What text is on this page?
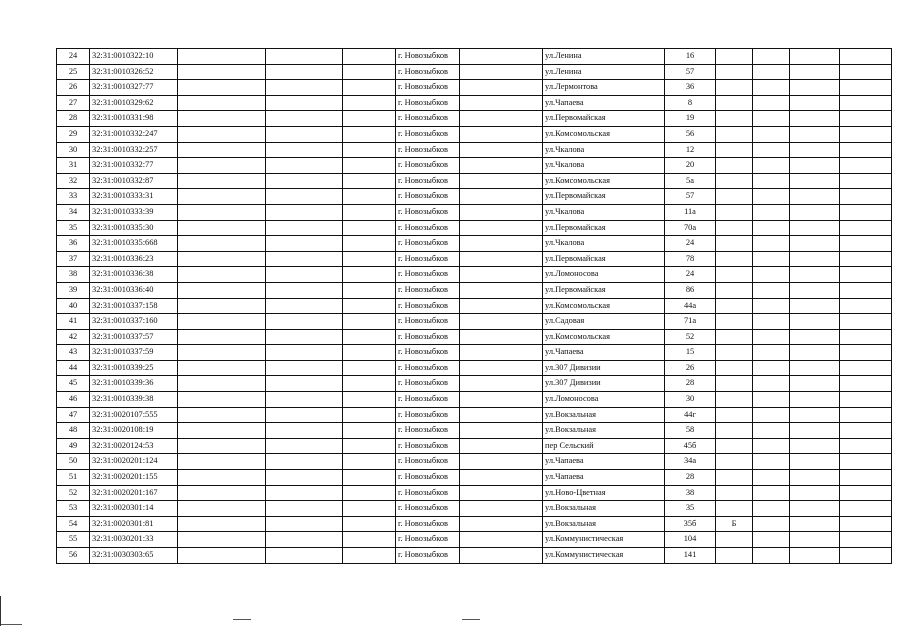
24	32:31:0010322:10				г. Новозыбков		ул.Ленина	16				
25	32:31:0010326:52				г. Новозыбков		ул.Ленина	57				
26	32:31:0010327:77				г. Новозыбков		ул.Лермонтова	36				
27	32:31:0010329:62				г. Новозыбков		ул.Чапаева	8				
28	32:31:0010331:98				г. Новозыбков		ул.Первомайская	19				
29	32:31:0010332:247				г. Новозыбков		ул.Комсомольская	56				
30	32:31:0010332:257				г. Новозыбков		ул.Чкалова	12				
31	32:31:0010332:77				г. Новозыбков		ул.Чкалова	20				
32	32:31:0010332:87				г. Новозыбков		ул.Комсомольская	5а				
33	32:31:0010333:31				г. Новозыбков		ул.Первомайская	57				
34	32:31:0010333:39				г. Новозыбков		ул.Чкалова	11а				
35	32:31:0010335:30				г. Новозыбков		ул.Первомайская	70а				
36	32:31:0010335:668				г. Новозыбков		ул.Чкалова	24				
37	32:31:0010336:23				г. Новозыбков		ул.Первомайская	78				
38	32:31:0010336:38				г. Новозыбков		ул.Ломоносова	24				
39	32:31:0010336:40				г. Новозыбков		ул.Первомайская	86				
40	32:31:0010337:158				г. Новозыбков		ул.Комсомольская	44а				
41	32:31:0010337:160				г. Новозыбков		ул.Садовая	71а				
42	32:31:0010337:57				г. Новозыбков		ул.Комсомольская	52				
43	32:31:0010337:59				г. Новозыбков		ул.Чапаева	15				
44	32:31:0010339:25				г. Новозыбков		ул.307 Дивизии	26				
45	32:31:0010339:36				г. Новозыбков		ул.307 Дивизии	28				
46	32:31:0010339:38				г. Новозыбков		ул.Ломоносова	30				
47	32:31:0020107:555				г. Новозыбков		ул.Вокзальная	44г				
48	32:31:0020108:19				г. Новозыбков		ул.Вокзальная	58				
49	32:31:0020124:53				г. Новозыбков		пер Сельский	45б				
50	32:31:0020201:124				г. Новозыбков		ул.Чапаева	34а				
51	32:31:0020201:155				г. Новозыбков		ул.Чапаева	28				
52	32:31:0020201:167				г. Новозыбков		ул.Ново-Цветная	38				
53	32:31:0020301:14				г. Новозыбков		ул.Вокзальная	35				
54	32:31:0020301:81				г. Новозыбков		ул.Вокзальная	35б	Б			
55	32:31:0030201:33				г. Новозыбков		ул.Коммунистическая	104				
56	32:31:0030303:65				г. Новозыбков		ул.Коммунистическая	141				
